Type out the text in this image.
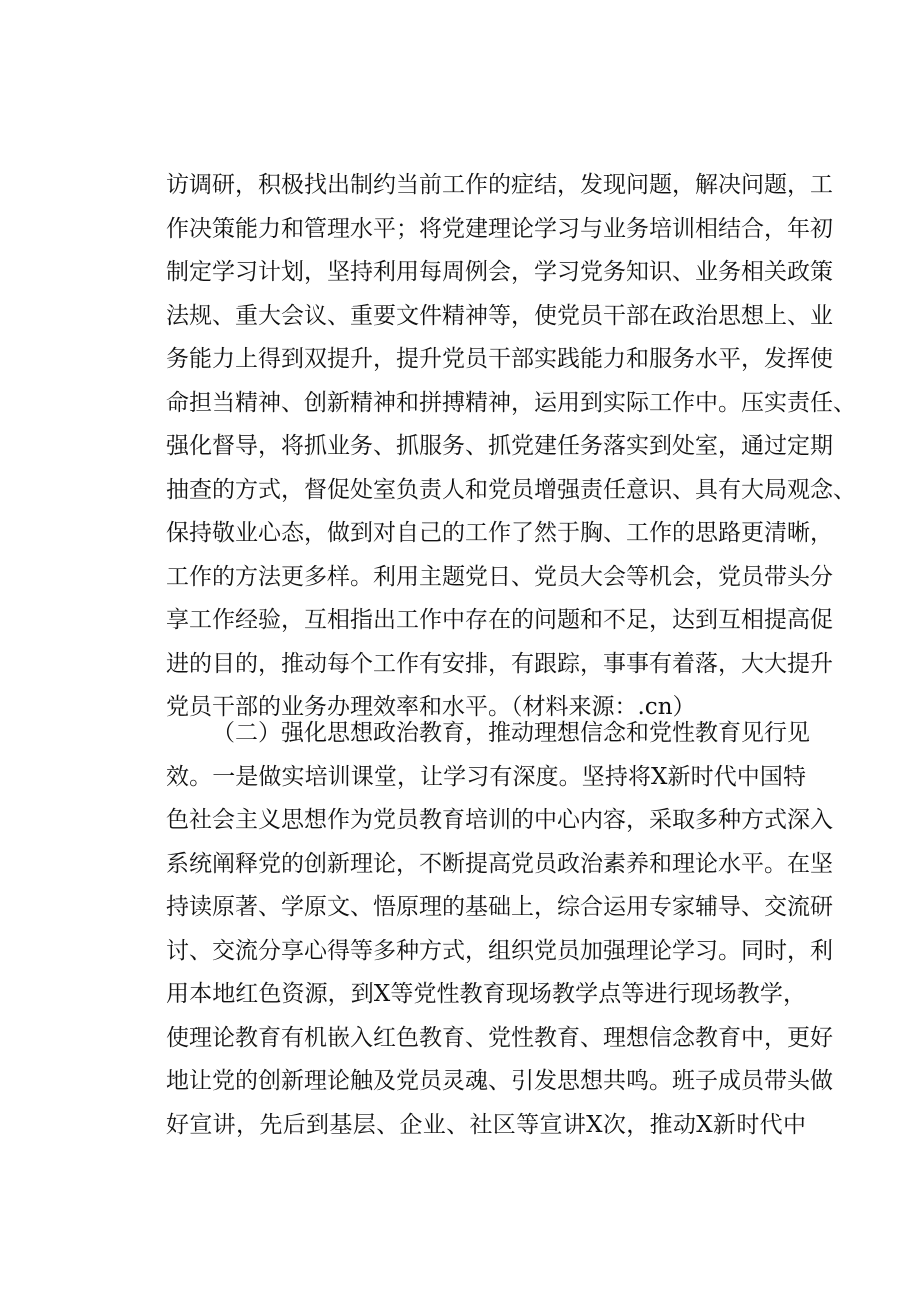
访调研，积极找出制约当前工作的症结，发现问题，解决问题，工
作决策能力和管理水平；将党建理论学习与业务培训相结合，年初
制定学习计划，坚持利用每周例会，学习党务知识、业务相关政策
法规、重大会议、重要文件精神等，使党员干部在政治思想上、业
务能力上得到双提升，提升党员干部实践能力和服务水平，发挥使
命担当精神、创新精神和拼搏精神，运用到实际工作中。压实责任、
强化督导，将抓业务、抓服务、抓党建任务落实到处室，通过定期
抽查的方式，督促处室负责人和党员增强责任意识、具有大局观念、
保持敬业心态，做到对自己的工作了然于胸、工作的思路更清晰，
工作的方法更多样。利用主题党日、党员大会等机会，党员带头分
享工作经验，互相指出工作中存在的问题和不足，达到互相提高促
进的目的，推动每个工作有安排，有跟踪，事事有着落，大大提升
党员干部的业务办理效率和水平。（材料来源：.cn）
（二）强化思想政治教育，推动理想信念和党性教育见行见
效。一是做实培训课堂，让学习有深度。坚持将X新时代中国特
色社会主义思想作为党员教育培训的中心内容，采取多种方式深入
系统阐释党的创新理论，不断提高党员政治素养和理论水平。在坚
持读原著、学原文、悟原理的基础上，综合运用专家辅导、交流研
讨、交流分享心得等多种方式，组织党员加强理论学习。同时，利
用本地红色资源，到X等党性教育现场教学点等进行现场教学，
使理论教育有机嵌入红色教育、党性教育、理想信念教育中，更好
地让党的创新理论触及党员灵魂、引发思想共鸣。班子成员带头做
好宣讲，先后到基层、企业、社区等宣讲X次，推动X新时代中
